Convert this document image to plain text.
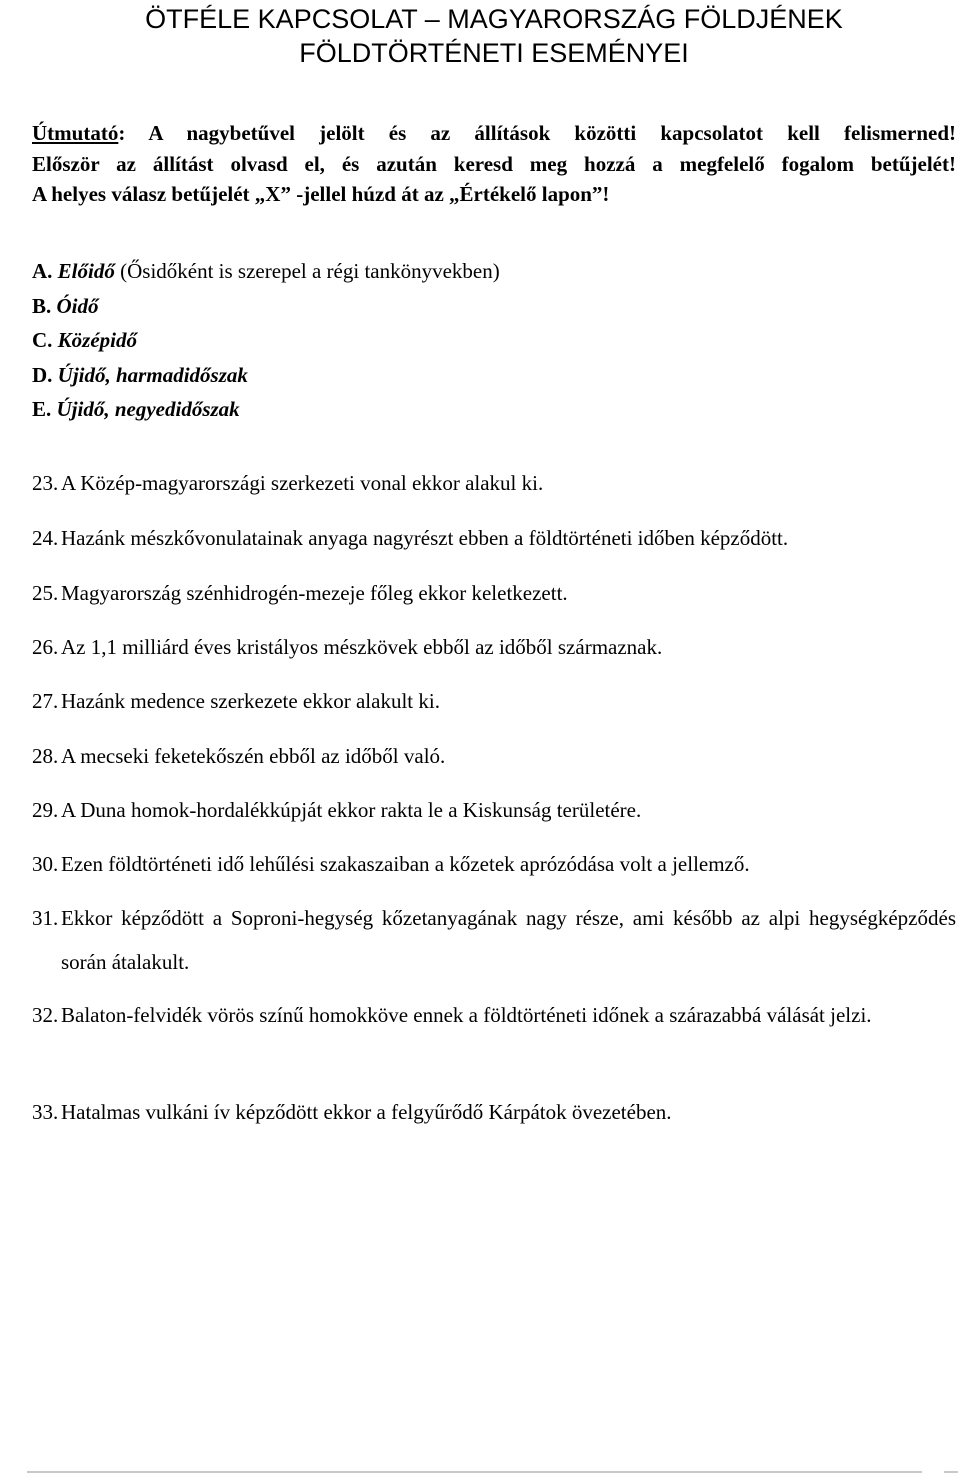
ÖTFÉLE KAPCSOLAT – MAGYARORSZÁG FÖLDJÉNEK
FÖLDTÖRTÉNETI ESEMÉNYEI

Útmutató: A nagybetűvel jelölt és az állítások közötti kapcsolatot kell felismerned!

Először az állítást olvasd el, és azután keresd meg hozzá a megfelelő fogalom betűjelét!

A helyes válasz betűjelét „X” -jellel húzd át az „Értékelő lapon”!

A. Előidő (Ősidőként is szerepel a régi tankönyvekben)
B. Óidő
C. Középidő
D. Újidő, harmadidőszak
E. Újidő, negyedidőszak
23. A Közép-magyarországi szerkezeti vonal ekkor alakul ki.
24. Hazánk mészkővonulatainak anyaga nagyrészt ebben a földtörténeti időben képződött.
25. Magyarország szénhidrogén-mezeje főleg ekkor keletkezett.
26. Az 1,1 milliárd éves kristályos mészkövek ebből az időből származnak.
27. Hazánk medence szerkezete ekkor alakult ki.
28. A mecseki feketekőszén ebből az időből való.
29. A Duna homok-hordalékkúpját ekkor rakta le a Kiskunság területére.
30. Ezen földtörténeti idő lehűlési szakaszaiban a kőzetek aprózódása volt a jellemző.
31. Ekkor képződött a Soproni-hegység kőzetanyagának nagy része, ami később az alpi hegységképződés során átalakult.
32. Balaton-felvidék vörös színű homokköve ennek a földtörténeti időnek a szárazabbá válását jelzi.
33. Hatalmas vulkáni ív képződött ekkor a felgyűrődő Kárpátok övezetében.
